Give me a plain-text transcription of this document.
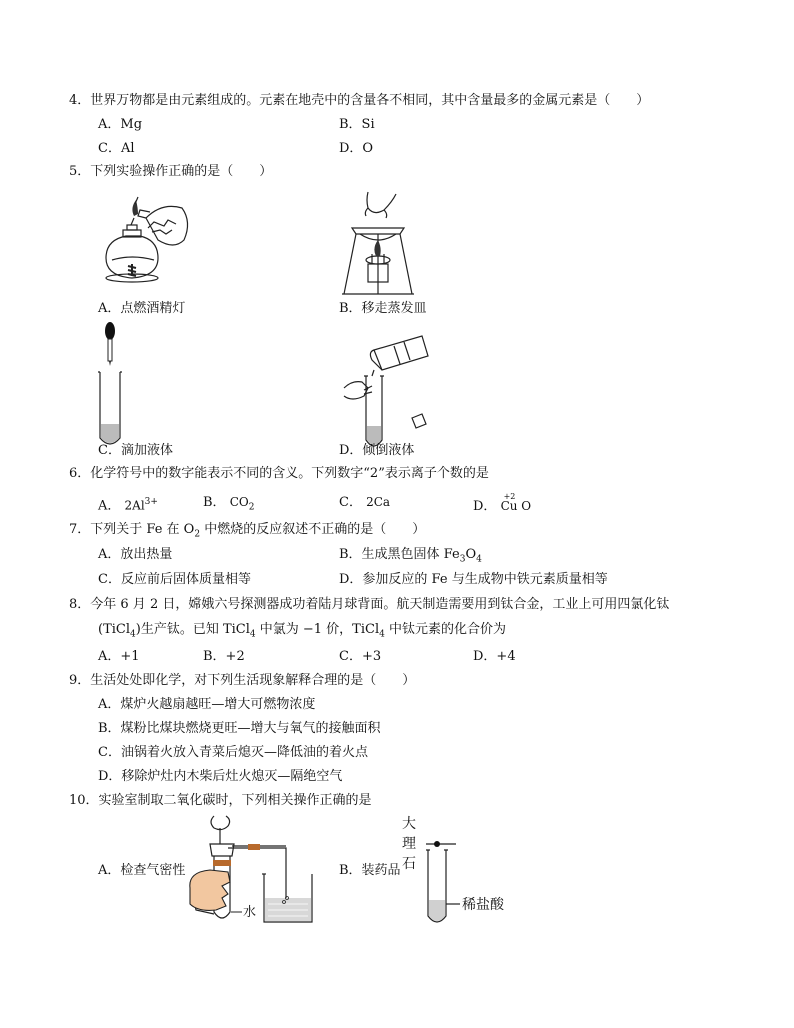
4．世界万物都是由元素组成的。元素在地壳中的含量各不相同，其中含量最多的金属元素是（　　）
A．Mg	B．Si
C．Al	D．O
5．下列实验操作正确的是（　　）
A．点燃酒精灯	B．移走蒸发皿
C．滴加液体	D．倾倒液体
6．化学符号中的数字能表示不同的含义。下列数字“2”表示离子个数的是
A． $2Al^{3+}$	B． $CO_2$	C． 2Ca	D．
+2
Cu O
7．下列关于 Fe 在 $O_2$ 中燃烧的反应叙述不正确的是（　　）
A．放出热量	B．生成黑色固体 $Fe_3O_4$
C．反应前后固体质量相等	D．参加反应的 Fe 与生成物中铁元素质量相等
8．今年 6 月 2 日，嫦娥六号探测器成功着陆月球背面。航天制造需要用到钛合金，工业上可用四氯化钛
(TiCl$_4$)生产钛。已知 TiCl$_4$ 中氯为 −1 价，TiCl$_4$ 中钛元素的化合价为
A．+1	B．+2	C．+3	D．+4
9．生活处处即化学，对下列生活现象解释合理的是（　　）
A．煤炉火越扇越旺—增大可燃物浓度
B．煤粉比煤块燃烧更旺—增大与氧气的接触面积
C．油锅着火放入青菜后熄灭—降低油的着火点
D．移除炉灶内木柴后灶火熄灭—隔绝空气
10．实验室制取二氧化碳时，下列相关操作正确的是
A．检查气密性	B．装药品
水
大
理
石
稀盐酸
